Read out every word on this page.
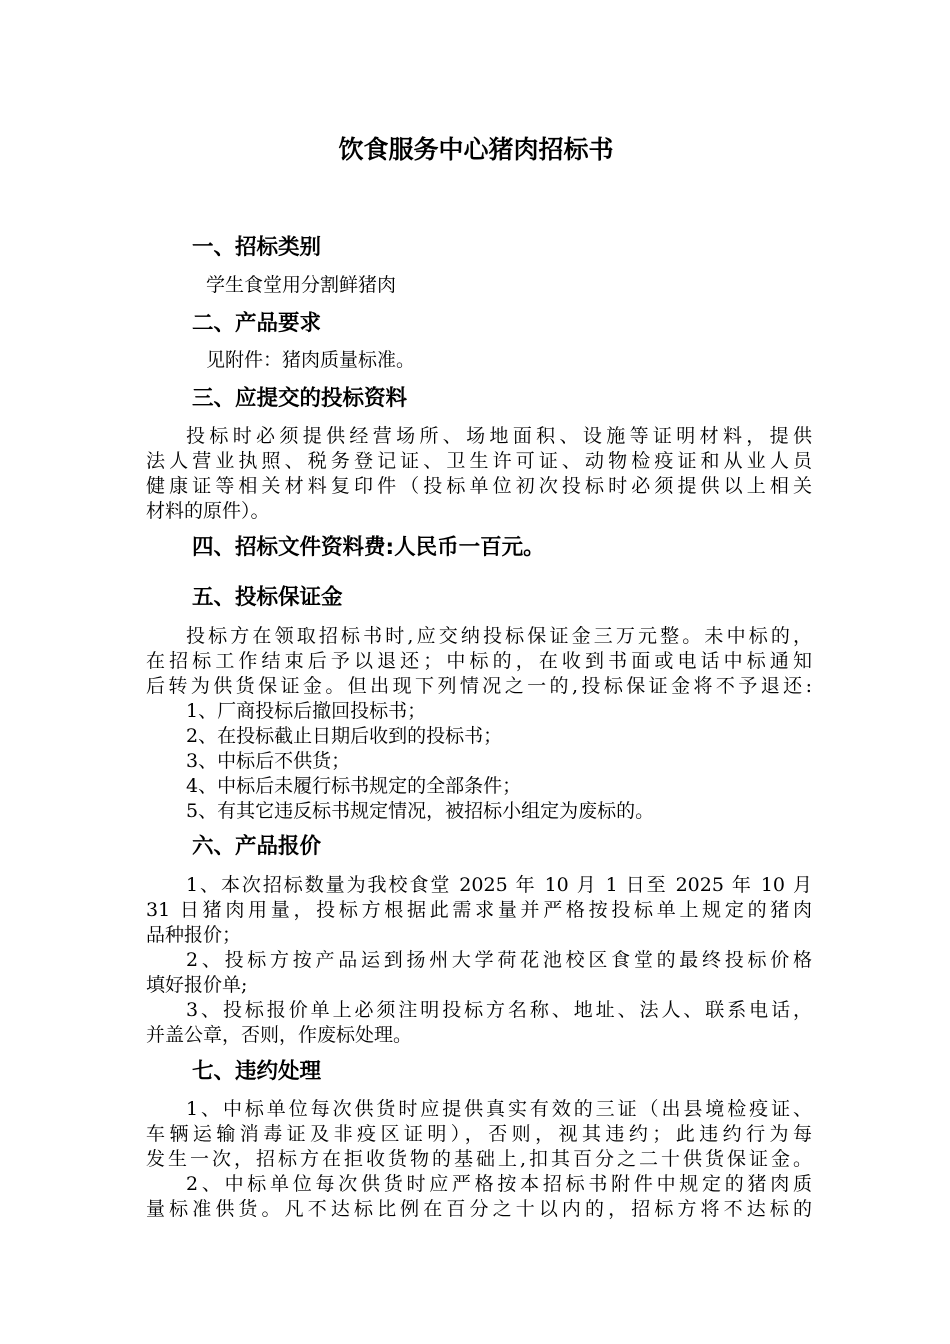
饮食服务中心猪肉招标书
一、招标类别
学生食堂用分割鲜猪肉
二、产品要求
见附件：猪肉质量标准。
三、应提交的投标资料
投标时必须提供经营场所、场地面积、设施等证明材料，提供
法人营业执照、税务登记证、卫生许可证、动物检疫证和从业人员
健康证等相关材料复印件（投标单位初次投标时必须提供以上相关
材料的原件）。
四、招标文件资料费:人民币一百元。
五、投标保证金
投标方在领取招标书时,应交纳投标保证金三万元整。未中标的，
在招标工作结束后予以退还；中标的，在收到书面或电话中标通知
后转为供货保证金。但出现下列情况之一的,投标保证金将不予退还:
1、厂商投标后撤回投标书；
2、在投标截止日期后收到的投标书；
3、中标后不供货；
4、中标后未履行标书规定的全部条件；
5、有其它违反标书规定情况，被招标小组定为废标的。
六、产品报价
1、本次招标数量为我校食堂 2025 年 10 月 1 日至 2025 年 10 月
31 日猪肉用量，投标方根据此需求量并严格按投标单上规定的猪肉
品种报价；
2、投标方按产品运到扬州大学荷花池校区食堂的最终投标价格
填好报价单;
3、投标报价单上必须注明投标方名称、地址、法人、联系电话，
并盖公章，否则，作废标处理。
七、违约处理
1、中标单位每次供货时应提供真实有效的三证（出县境检疫证、
车辆运输消毒证及非疫区证明），否则，视其违约；此违约行为每
发生一次，招标方在拒收货物的基础上,扣其百分之二十供货保证金。
2、中标单位每次供货时应严格按本招标书附件中规定的猪肉质
量标准供货。凡不达标比例在百分之十以内的，招标方将不达标的
